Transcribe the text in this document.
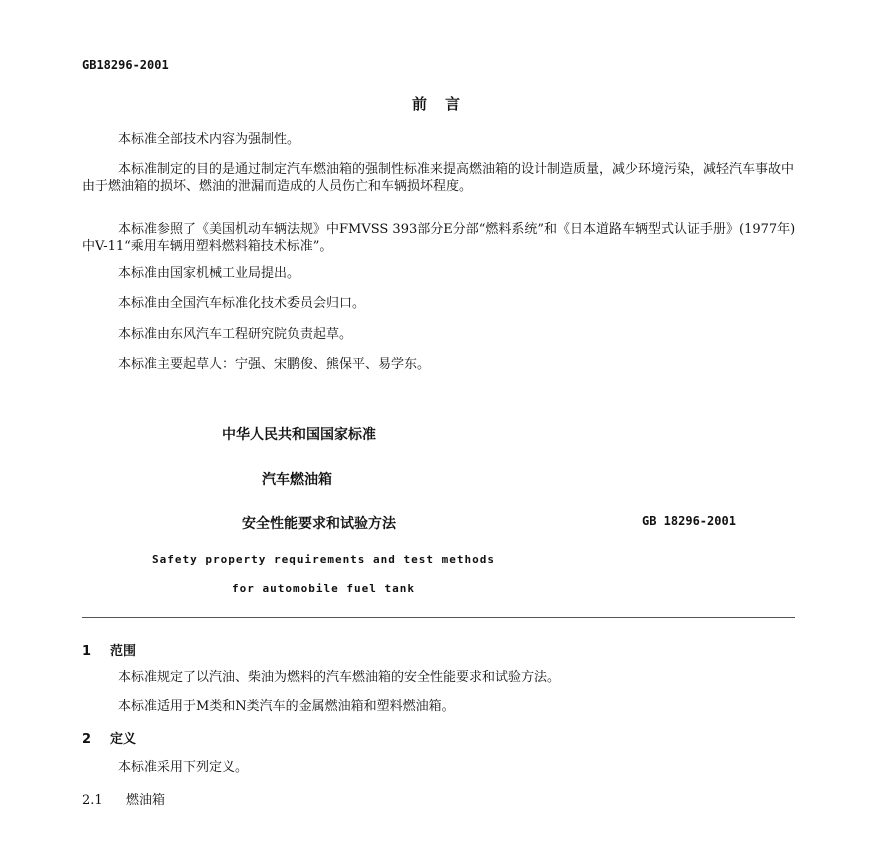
GB18296-2001
前言
本标准全部技术内容为强制性。
本标准制定的目的是通过制定汽车燃油箱的强制性标准来提高燃油箱的设计制造质量，减少环境污染，减轻汽车事故中由于燃油箱的损坏、燃油的泄漏而造成的人员伤亡和车辆损坏程度。
本标准参照了《美国机动车辆法规》中FMVSS 393部分E分部“燃料系统”和《日本道路车辆型式认证手册》(1977年)中V-11“乘用车辆用塑料燃料箱技术标准”。
本标准由国家机械工业局提出。
本标准由全国汽车标准化技术委员会归口。
本标准由东风汽车工程研究院负责起草。
本标准主要起草人：宁强、宋鹏俊、熊保平、易学东。
中华人民共和国国家标准
汽车燃油箱
安全性能要求和试验方法	GB 18296-2001
Safety property requirements and test methods
for automobile fuel tank
1 范围
本标准规定了以汽油、柴油为燃料的汽车燃油箱的安全性能要求和试验方法。
本标准适用于M类和N类汽车的金属燃油箱和塑料燃油箱。
2 定义
本标准采用下列定义。
2.1 燃油箱
